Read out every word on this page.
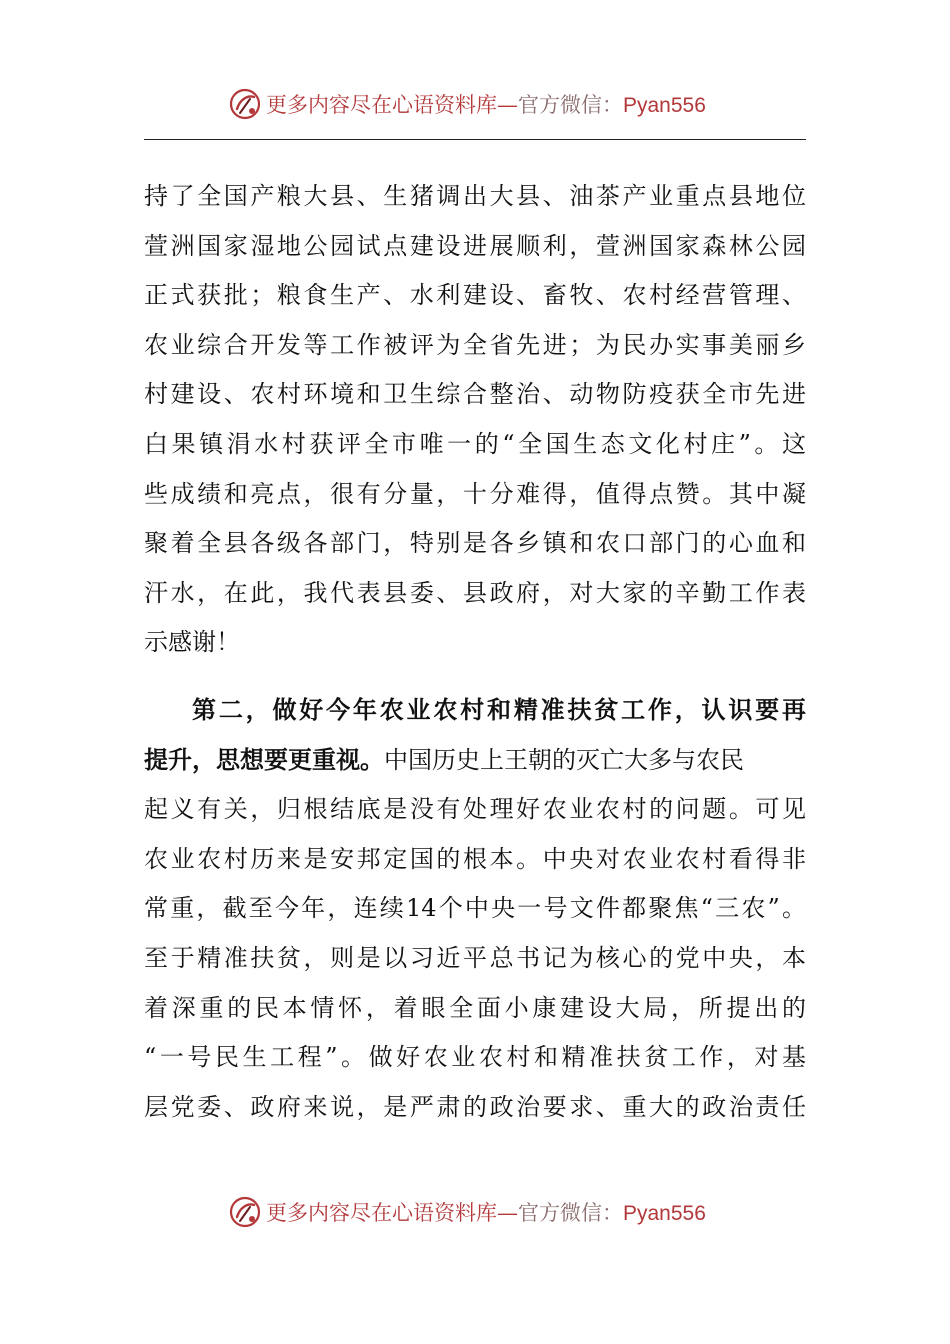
更多内容尽在心语资料库—官方微信：Pyan556
持了全国产粮大县、生猪调出大县、油茶产业重点县地位
萱洲国家湿地公园试点建设进展顺利，萱洲国家森林公园
正式获批；粮食生产、水利建设、畜牧、农村经营管理、
农业综合开发等工作被评为全省先进；为民办实事美丽乡
村建设、农村环境和卫生综合整治、动物防疫获全市先进
白果镇涓水村获评全市唯一的“全国生态文化村庄”。这
些成绩和亮点，很有分量，十分难得，值得点赞。其中凝
聚着全县各级各部门，特别是各乡镇和农口部门的心血和
汗水，在此，我代表县委、县政府，对大家的辛勤工作表
示感谢！
第二，做好今年农业农村和精准扶贫工作，认识要再
提升，思想要更重视。中国历史上王朝的灭亡大多与农民
起义有关，归根结底是没有处理好农业农村的问题。可见
农业农村历来是安邦定国的根本。中央对农业农村看得非
常重，截至今年，连续14个中央一号文件都聚焦“三农”。
至于精准扶贫，则是以习近平总书记为核心的党中央，本
着深重的民本情怀，着眼全面小康建设大局，所提出的
“一号民生工程”。做好农业农村和精准扶贫工作，对基
层党委、政府来说，是严肃的政治要求、重大的政治责任
更多内容尽在心语资料库—官方微信：Pyan556
